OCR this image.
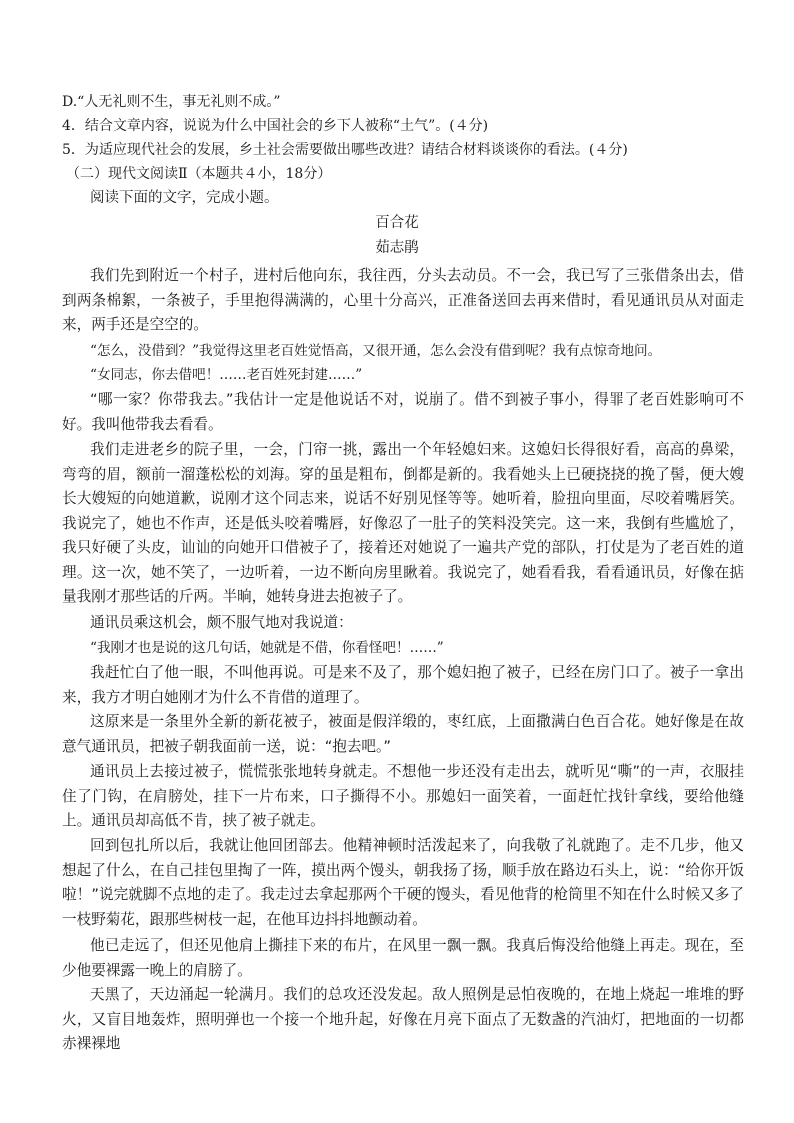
D.“人无礼则不生，事无礼则不成。”
4．结合文章内容，说说为什么中国社会的乡下人被称“土气”。(４分)
5．为适应现代社会的发展，乡土社会需要做出哪些改进？请结合材料谈谈你的看法。(４分)
（二）现代文阅读Ⅱ（本题共４小，18分）
阅读下面的文字，完成小题。
百合花
茹志鹃
我们先到附近一个村子，进村后他向东，我往西，分头去动员。不一会，我已写了三张借条出去，借到两条棉絮，一条被子，手里抱得满满的，心里十分高兴，正准备送回去再来借时，看见通讯员从对面走来，两手还是空空的。
“怎么，没借到？”我觉得这里老百姓觉悟高，又很开通，怎么会没有借到呢？我有点惊奇地问。
“女同志，你去借吧！……老百姓死封建……”
“哪一家？你带我去。”我估计一定是他说话不对，说崩了。借不到被子事小，得罪了老百姓影响可不好。我叫他带我去看看。
我们走进老乡的院子里，一会，门帘一挑，露出一个年轻媳妇来。这媳妇长得很好看，高高的鼻梁，弯弯的眉，额前一溜蓬松松的刘海。穿的虽是粗布，倒都是新的。我看她头上已硬挠挠的挽了髻，便大嫂长大嫂短的向她道歉，说刚才这个同志来，说话不好别见怪等等。她听着，脸扭向里面，尽咬着嘴唇笑。我说完了，她也不作声，还是低头咬着嘴唇，好像忍了一肚子的笑料没笑完。这一来，我倒有些尴尬了，我只好硬了头皮，讪讪的向她开口借被子了，接着还对她说了一遍共产党的部队，打仗是为了老百姓的道理。这一次，她不笑了，一边听着，一边不断向房里瞅着。我说完了，她看看我，看看通讯员，好像在掂量我刚才那些话的斤两。半晌，她转身进去抱被子了。
通讯员乘这机会，颇不服气地对我说道：
“我刚才也是说的这几句话，她就是不借，你看怪吧！……”
我赶忙白了他一眼，不叫他再说。可是来不及了，那个媳妇抱了被子，已经在房门口了。被子一拿出来，我方才明白她刚才为什么不肯借的道理了。
这原来是一条里外全新的新花被子，被面是假洋缎的，枣红底，上面撒满白色百合花。她好像是在故意气通讯员，把被子朝我面前一送，说：“抱去吧。”
通讯员上去接过被子，慌慌张张地转身就走。不想他一步还没有走出去，就听见“嘶”的一声，衣服挂住了门钩，在肩膀处，挂下一片布来，口子撕得不小。那媳妇一面笑着，一面赶忙找针拿线，要给他缝上。通讯员却高低不肯，挟了被子就走。
回到包扎所以后，我就让他回团部去。他精神顿时活泼起来了，向我敬了礼就跑了。走不几步，他又想起了什么，在自己挂包里掏了一阵，摸出两个馒头，朝我扬了扬，顺手放在路边石头上，说：“给你开饭啦！”说完就脚不点地的走了。我走过去拿起那两个干硬的馒头，看见他背的枪筒里不知在什么时候又多了一枝野菊花，跟那些树枝一起，在他耳边抖抖地颤动着。
他已走远了，但还见他肩上撕挂下来的布片，在风里一飘一飘。我真后悔没给他缝上再走。现在，至少他要裸露一晚上的肩膀了。
天黑了，天边涌起一轮满月。我们的总攻还没发起。敌人照例是忌怕夜晚的，在地上烧起一堆堆的野火，又盲目地轰炸，照明弹也一个接一个地升起，好像在月亮下面点了无数盏的汽油灯，把地面的一切都赤裸裸地
